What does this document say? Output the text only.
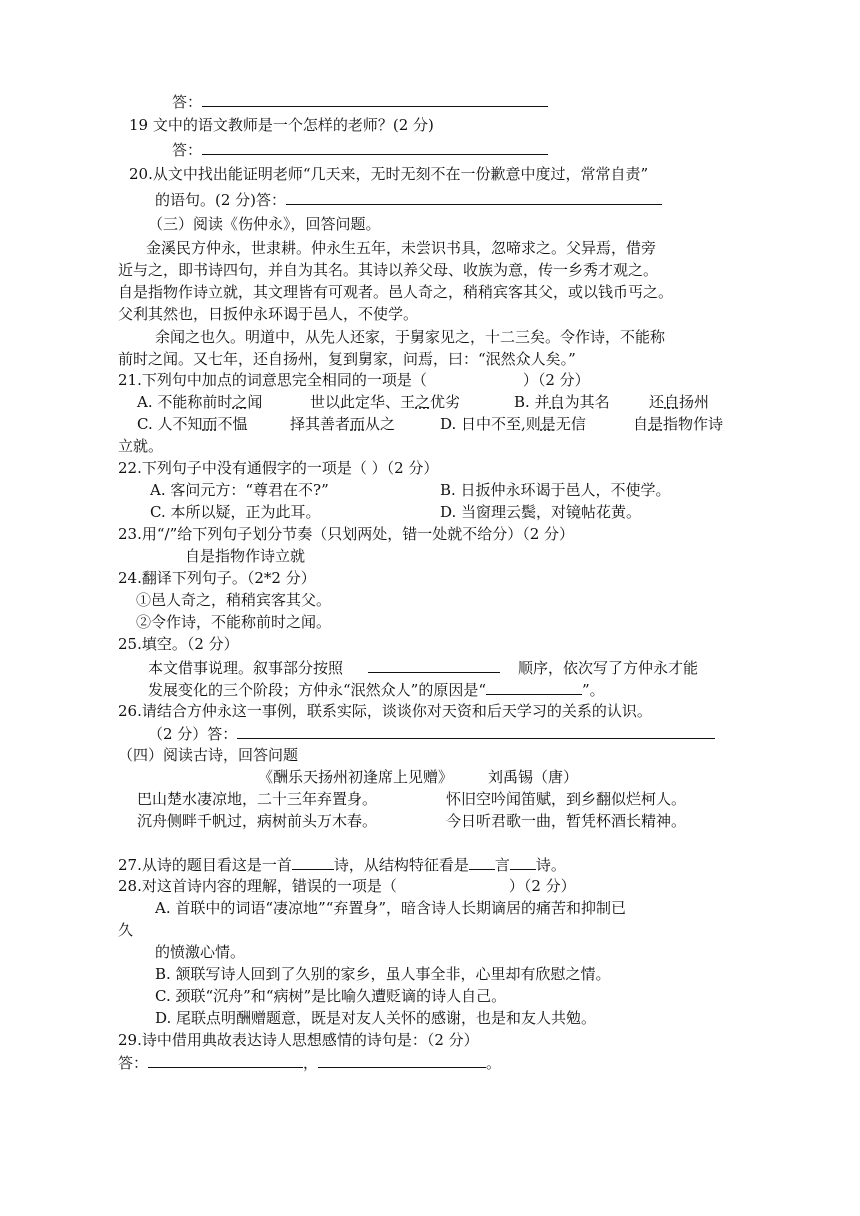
答：
19 文中的语文教师是一个怎样的老师？(2 分)
答：
20.从文中找出能证明老师“几天来，无时无刻不在一份歉意中度过，常常自责”
的语句。(2 分)答：
（三）阅读《伤仲永》，回答问题。
金溪民方仲永，世隶耕。仲永生五年，未尝识书具，忽啼求之。父异焉，借旁
近与之，即书诗四句，并自为其名。其诗以养父母、收族为意，传一乡秀才观之。
自是指物作诗立就，其文理皆有可观者。邑人奇之，稍稍宾客其父，或以钱币丐之。
父利其然也，日扳仲永环谒于邑人，不使学。
余闻之也久。明道中，从先人还家，于舅家见之，十二三矣。令作诗，不能称
前时之闻。又七年，还自扬州，复到舅家，问焉，曰：“泯然众人矣。”
21.下列句中加点的词意思完全相同的一项是（	）（2 分）
A. 不能称前时之闻	世以此定华、王之优劣	B. 并自为其名	还自扬州
C. 人不知而不愠	择其善者而从之	D. 日中不至,则是无信	自是指物作诗
立就。
22.下列句子中没有通假字的一项是（ ）（2 分）
A. 客问元方：“尊君在不?”	B. 日扳仲永环谒于邑人，不使学。
C. 本所以疑，正为此耳。	D. 当窗理云鬓，对镜帖花黄。
23.用“/”给下列句子划分节奏（只划两处，错一处就不给分）（2 分）
自是指物作诗立就
24.翻译下列句子。（2*2 分）
①邑人奇之，稍稍宾客其父。
②令作诗，不能称前时之闻。
25.填空。（2 分）
本文借事说理。叙事部分按照	顺序，依次写了方仲永才能
发展变化的三个阶段；方仲永“泯然众人”的原因是“	”。
26.请结合方仲永这一事例，联系实际，谈谈你对天资和后天学习的关系的认识。
（2 分）答：
（四）阅读古诗，回答问题
《酬乐天扬州初逢席上见赠》 刘禹锡（唐）
巴山楚水凄凉地，二十三年弃置身。	怀旧空吟闻笛赋，到乡翻似烂柯人。
沉舟侧畔千帆过，病树前头万木春。	今日听君歌一曲，暂凭杯酒长精神。
27.从诗的题目看这是一首	诗，从结构特征看是 言 诗。
28.对这首诗内容的理解，错误的一项是（	）（2 分）
A. 首联中的词语“凄凉地”“弃置身”，暗含诗人长期谪居的痛苦和抑制已
久
的愤激心情。
B. 颔联写诗人回到了久别的家乡，虽人事全非，心里却有欣慰之情。
C. 颈联“沉舟”和“病树”是比喻久遭贬谪的诗人自己。
D. 尾联点明酬赠题意，既是对友人关怀的感谢，也是和友人共勉。
29.诗中借用典故表达诗人思想感情的诗句是：（2 分）
答：	，	。
